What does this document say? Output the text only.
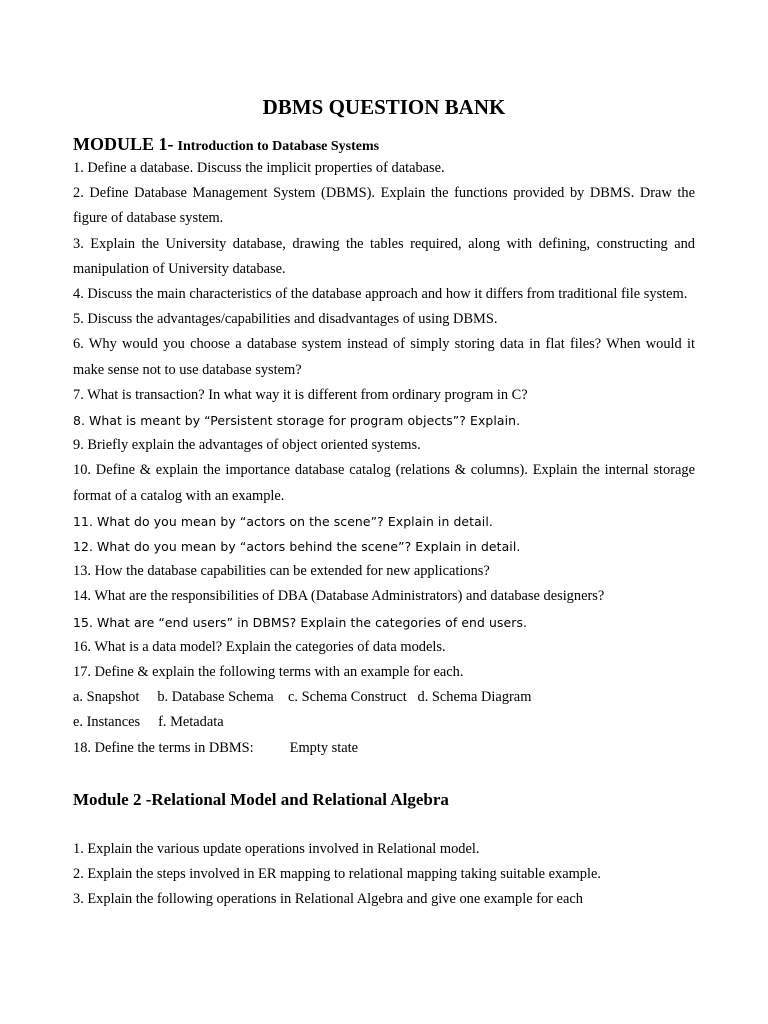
DBMS QUESTION BANK
MODULE 1- Introduction to Database Systems

1. Define a database. Discuss the implicit properties of database.

2. Define Database Management System (DBMS). Explain the functions provided by DBMS. Draw the figure of database system.

3. Explain the University database, drawing the tables required, along with defining, constructing and manipulation of University database.

4. Discuss the main characteristics of the database approach and how it differs from traditional file system.

5. Discuss the advantages/capabilities and disadvantages of using DBMS.

6. Why would you choose a database system instead of simply storing data in flat files? When would it make sense not to use database system?

7. What is transaction? In what way it is different from ordinary program in C?

8. What is meant by “Persistent storage for program objects”? Explain.

9. Briefly explain the advantages of object oriented systems.

10. Define & explain the importance database catalog (relations & columns). Explain the internal storage format of a catalog with an example.

11. What do you mean by “actors on the scene”? Explain in detail.

12. What do you mean by “actors behind the scene”? Explain in detail.

13. How the database capabilities can be extended for new applications?

14. What are the responsibilities of DBA (Database Administrators) and database designers?

15. What are “end users” in DBMS? Explain the categories of end users.

16. What is a data model? Explain the categories of data models.

17. Define & explain the following terms with an example for each.

a. Snapshot     b. Database Schema    c. Schema Construct   d. Schema Diagram

e. Instances     f. Metadata

18. Define the terms in DBMS:	Empty state

Module 2 -Relational Model and Relational Algebra

1. Explain the various update operations involved in Relational model.

2. Explain the steps involved in ER mapping to relational mapping taking suitable example.

3. Explain the following operations in Relational Algebra and give one example for each
